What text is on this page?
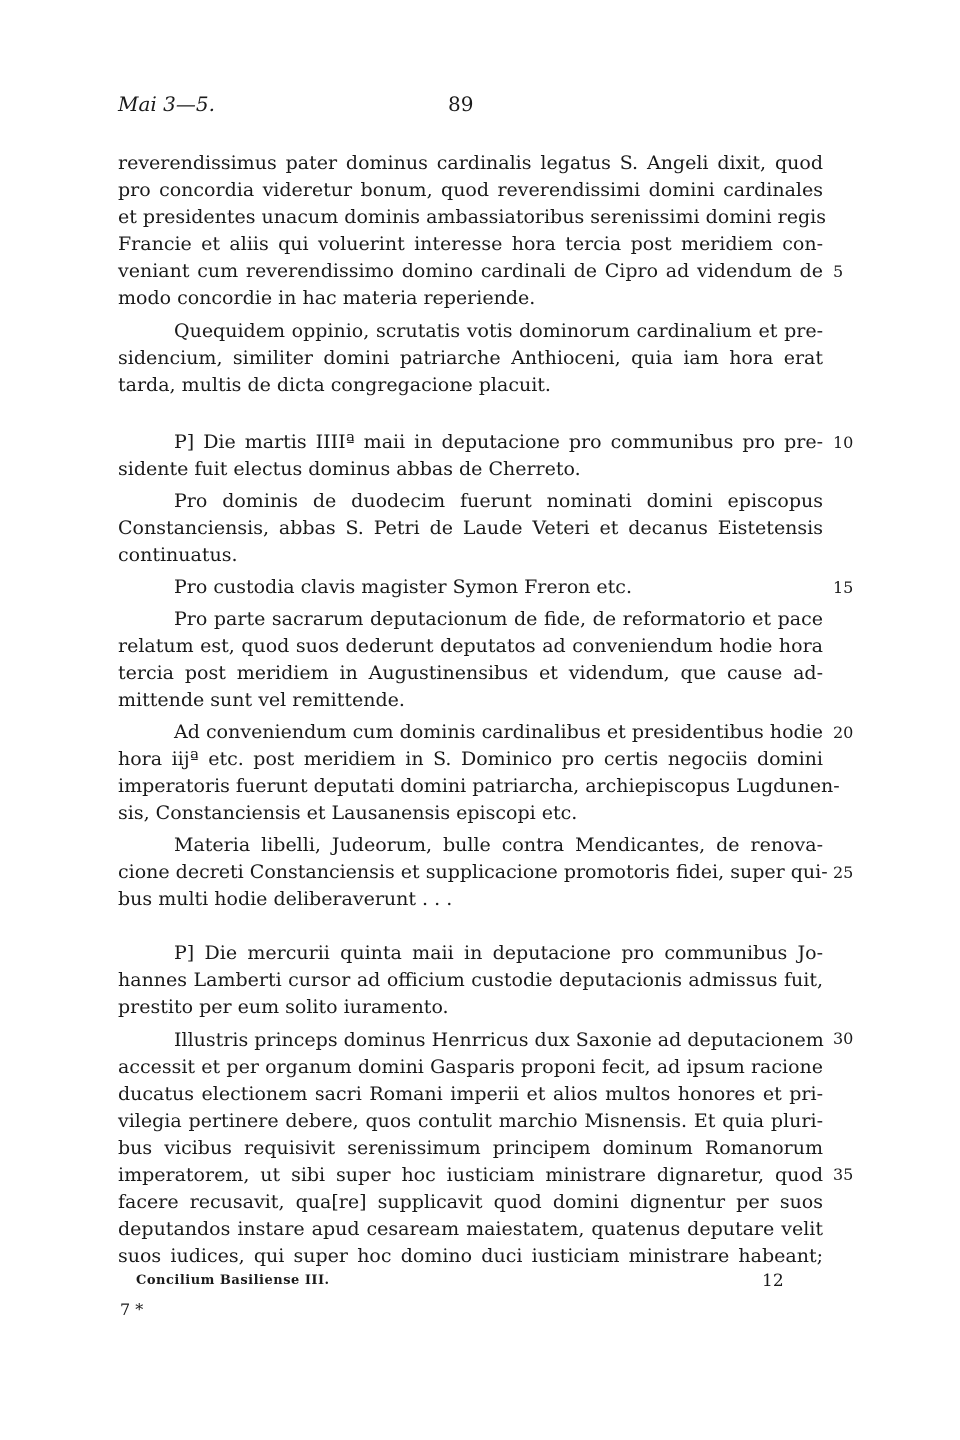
Mai 3—5.	89
reverendissimus pater dominus cardinalis legatus S. Angeli dixit, quod
pro concordia videretur bonum, quod reverendissimi domini cardinales
et presidentes unacum dominis ambassiatoribus serenissimi domini regis
Francie et aliis qui voluerint interesse hora tercia post meridiem con-
veniant cum reverendissimo domino cardinali de Cipro ad videndum de
modo concordie in hac materia reperiende.
Quequidem oppinio, scrutatis votis dominorum cardinalium et pre-
sidencium, similiter domini patriarche Anthioceni, quia iam hora erat
tarda, multis de dicta congregacione placuit.
P] Die martis IIIIª maii in deputacione pro communibus pro pre-
sidente fuit electus dominus abbas de Cherreto.
Pro dominis de duodecim fuerunt nominati domini episcopus
Constanciensis, abbas S. Petri de Laude Veteri et decanus Eistetensis
continuatus.
Pro custodia clavis magister Symon Freron etc.
Pro parte sacrarum deputacionum de fide, de reformatorio et pace
relatum est, quod suos dederunt deputatos ad conveniendum hodie hora
tercia post meridiem in Augustinensibus et videndum, que cause ad-
mittende sunt vel remittende.
Ad conveniendum cum dominis cardinalibus et presidentibus hodie
hora iijª etc. post meridiem in S. Dominico pro certis negociis domini
imperatoris fuerunt deputati domini patriarcha, archiepiscopus Lugdunen-
sis, Constanciensis et Lausanensis episcopi etc.
Materia libelli, Judeorum, bulle contra Mendicantes, de renova-
cione decreti Constanciensis et supplicacione promotoris fidei, super qui-
bus multi hodie deliberaverunt . . .
P] Die mercurii quinta maii in deputacione pro communibus Jo-
hannes Lamberti cursor ad officium custodie deputacionis admissus fuit,
prestito per eum solito iuramento.
Illustris princeps dominus Henrricus dux Saxonie ad deputacionem
accessit et per organum domini Gasparis proponi fecit, ad ipsum racione
ducatus electionem sacri Romani imperii et alios multos honores et pri-
vilegia pertinere debere, quos contulit marchio Misnensis. Et quia pluri-
bus vicibus requisivit serenissimum principem dominum Romanorum
imperatorem, ut sibi super hoc iusticiam ministrare dignaretur, quod
facere recusavit, qua[re] supplicavit quod domini dignentur per suos
deputandos instare apud cesaream maiestatem, quatenus deputare velit
suos iudices, qui super hoc domino duci iusticiam ministrare habeant;
5
10
15
20
25
30
35
Concilium Basiliense III.	12
7 *
